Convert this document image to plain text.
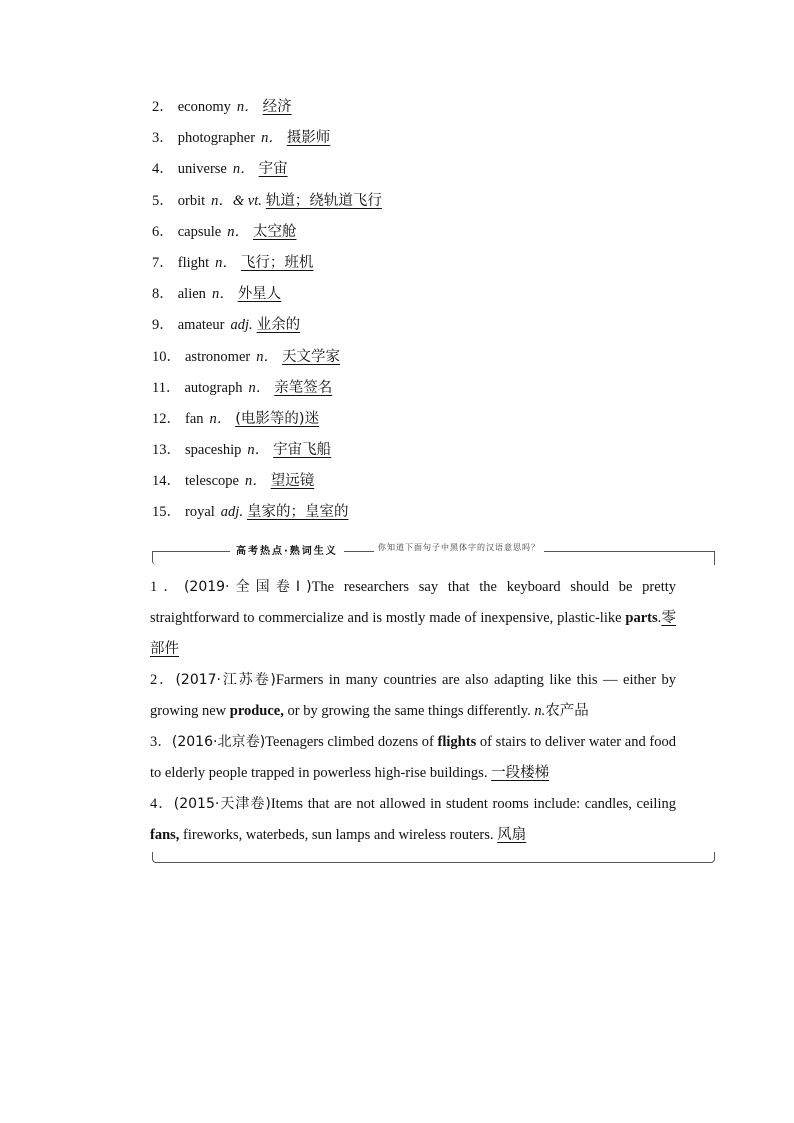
2． economy n． 经济
3． photographer n． 摄影师
4． universe n． 宇宙
5． orbit n．& vt. 轨道；绕轨道飞行
6． capsule n． 太空舱
7． flight n． 飞行；班机
8． alien n． 外星人
9． amateur adj. 业余的
10． astronomer n． 天文学家
11． autograph n． 亲笔签名
12． fan n． (电影等的)迷
13． spaceship n． 宇宙飞船
14． telescope n． 望远镜
15． royal adj. 皇家的；皇室的
高考热点·熟词生义	你知道下面句子中黑体字的汉语意思吗？

1．(2019·全国卷Ⅰ)The researchers say that the keyboard should be pretty straightforward to commercialize and is mostly made of inexpensive, plastic-like parts.零部件

2．(2017·江苏卷)Farmers in many countries are also adapting like this — either by growing new produce, or by growing the same things differently. n.农产品

3．(2016·北京卷)Teenagers climbed dozens of flights of stairs to deliver water and food to elderly people trapped in powerless high-rise buildings. 一段楼梯

4．(2015·天津卷)Items that are not allowed in student rooms include: candles, ceiling fans, fireworks, waterbeds, sun lamps and wireless routers. 风扇
